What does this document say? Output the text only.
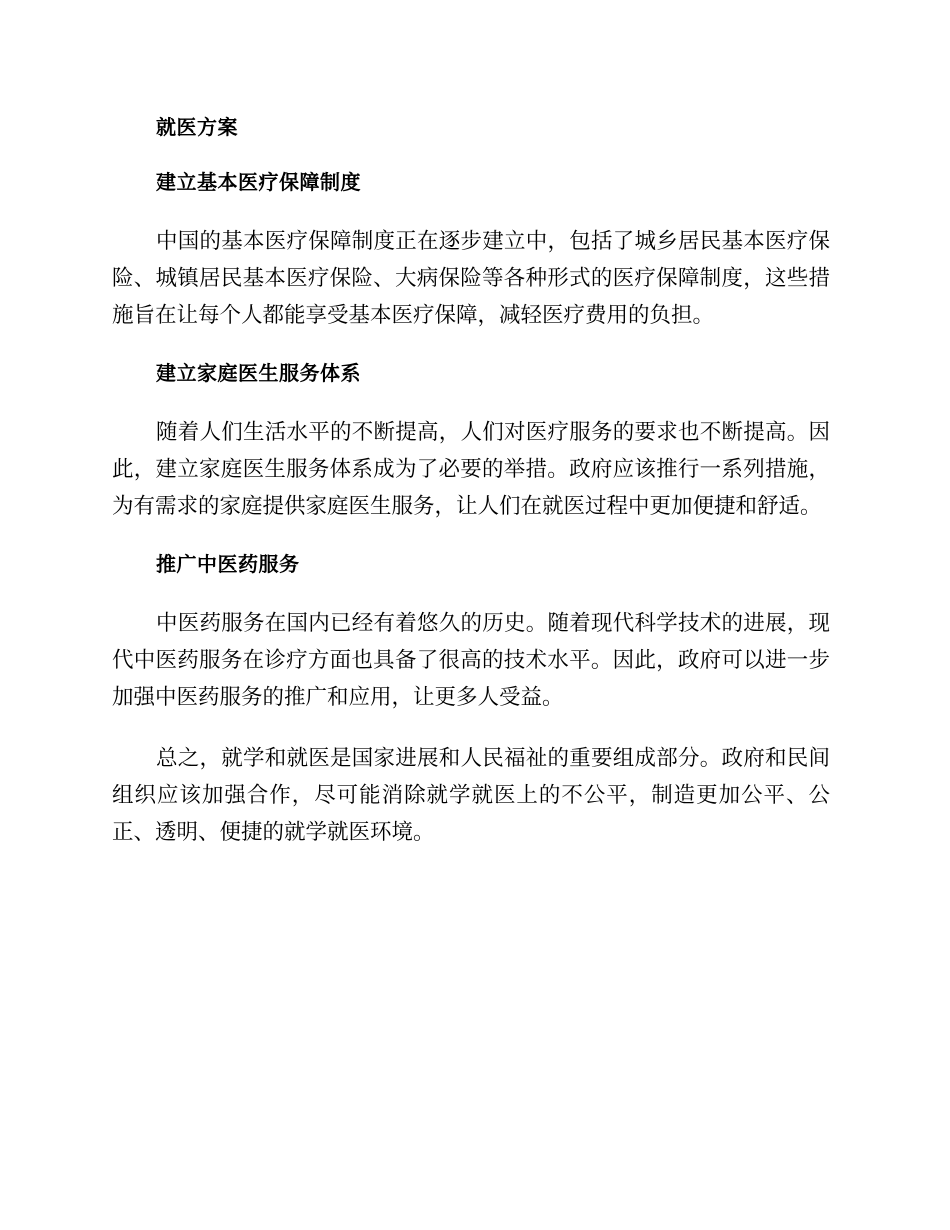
就医方案
建立基本医疗保障制度

中国的基本医疗保障制度正在逐步建立中，包括了城乡居民基本医疗保险、城镇居民基本医疗保险、大病保险等各种形式的医疗保障制度，这些措施旨在让每个人都能享受基本医疗保障，减轻医疗费用的负担。

建立家庭医生服务体系

随着人们生活水平的不断提高，人们对医疗服务的要求也不断提高。因此，建立家庭医生服务体系成为了必要的举措。政府应该推行一系列措施，为有需求的家庭提供家庭医生服务，让人们在就医过程中更加便捷和舒适。

推广中医药服务

中医药服务在国内已经有着悠久的历史。随着现代科学技术的进展，现代中医药服务在诊疗方面也具备了很高的技术水平。因此，政府可以进一步加强中医药服务的推广和应用，让更多人受益。

总之，就学和就医是国家进展和人民福祉的重要组成部分。政府和民间组织应该加强合作，尽可能消除就学就医上的不公平，制造更加公平、公正、透明、便捷的就学就医环境。
